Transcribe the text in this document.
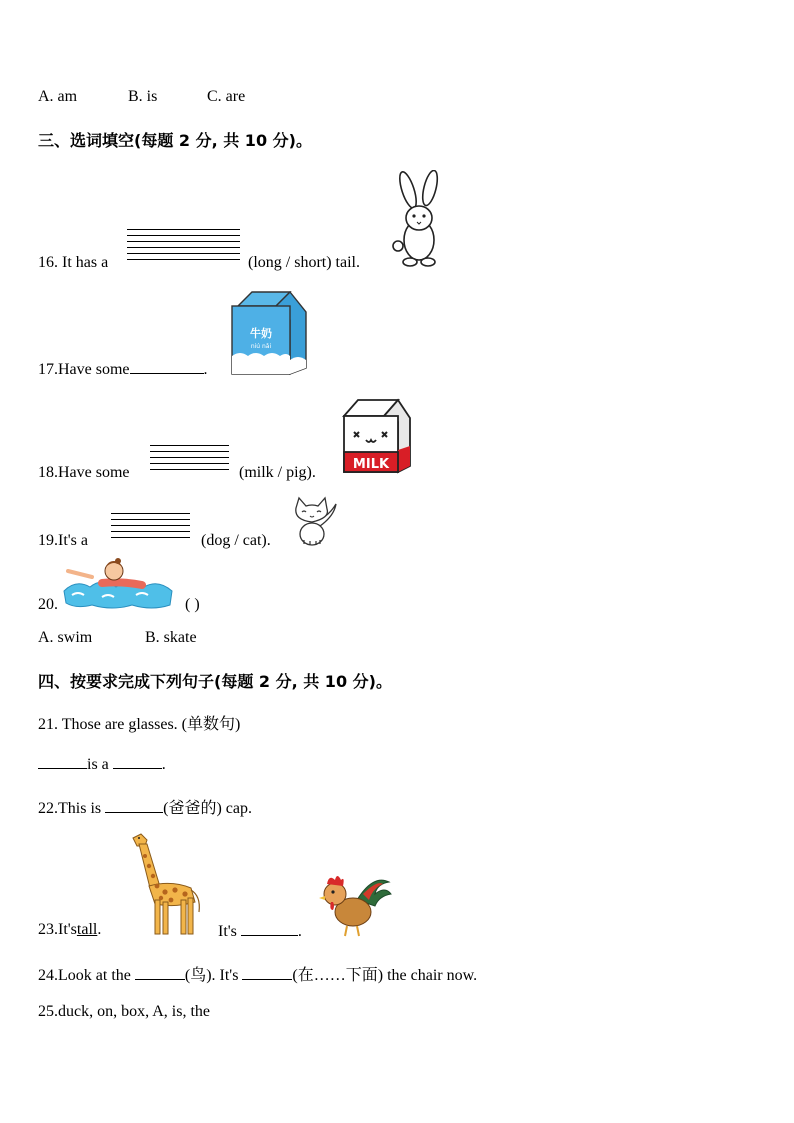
A. am	B. is	C. are
三、选词填空(每题 2 分, 共 10 分)。
16. It has a	(long / short) tail.
17.Have some	.
牛奶
niú nǎi
18.Have some	(milk / pig).	MILK
19.It's a	(dog / cat).
20.	( )
A. swim	B. skate
四、按要求完成下列句子(每题 2 分, 共 10 分)。
21. Those are glasses. (单数句)
is a	.
22.This is	(爸爸的) cap.
23.It'stall.	It's	.
24.Look at the	(鸟). It's	(在……下面) the chair now.
25.duck, on, box, A, is, the
